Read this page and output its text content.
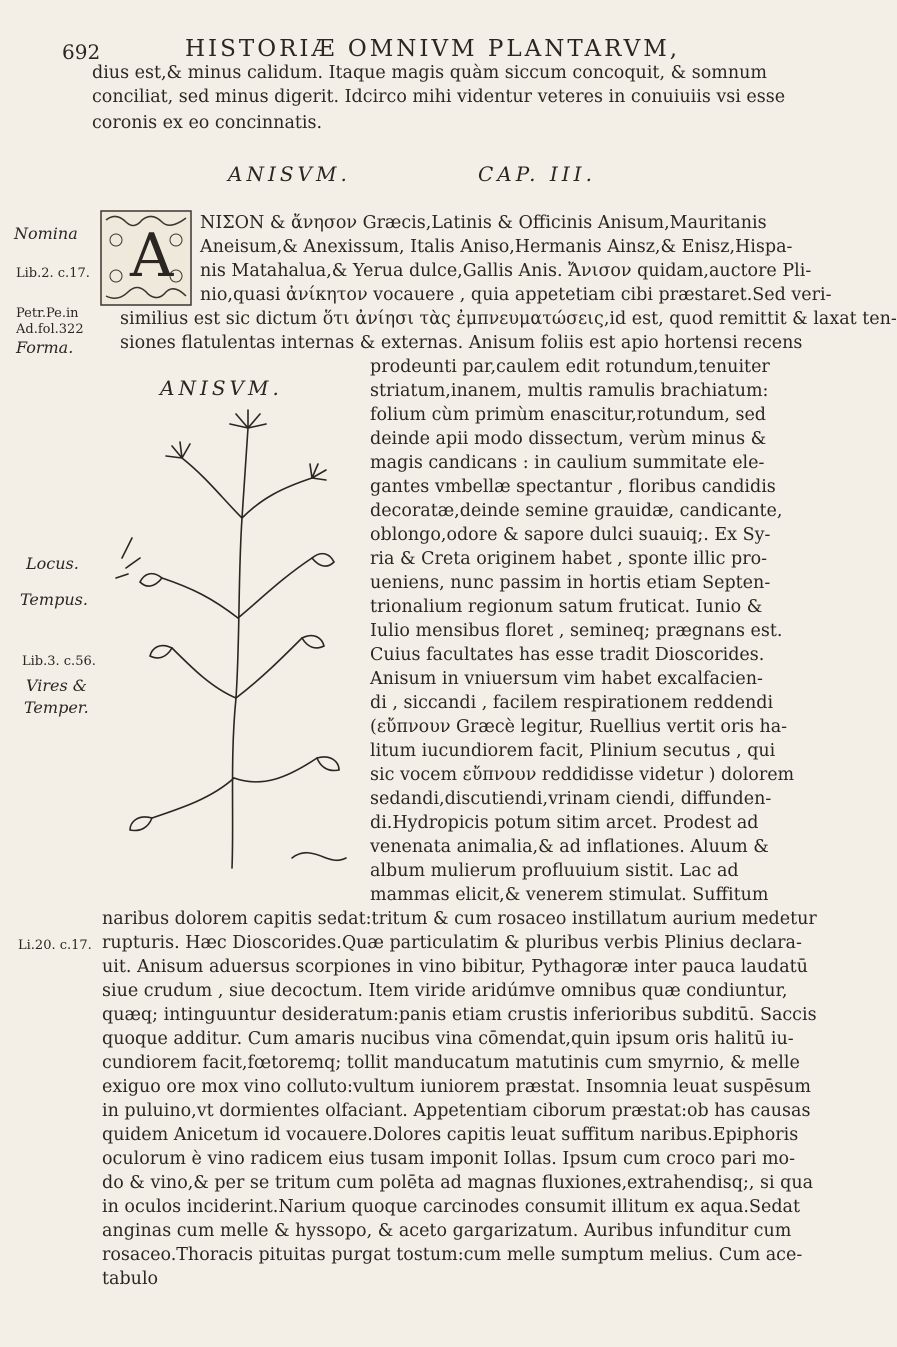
692	HISTORIÆ OMNIVM PLANTARVM,
dius est,& minus calidum. Itaque magis quàm siccum concoquit, & somnum
conciliat, sed minus digerit. Idcirco mihi videntur veteres in conuiuiis vsi esse
coronis ex eo concinnatis.
ANISVM.	CAP. III.
A NIΣΟΝ & ἄνησον Græcis,Latinis & Officinis Anisum,Mauritanis
Aneisum,& Anexissum, Italis Aniso,Hermanis Ainsz,& Enisz,Hispa-
nis Matahalua,& Yerua dulce,Gallis Anis. Ἄνισον quidam,auctore Pli-
nio,quasi ἀνίκητον vocauere , quia appetetiam cibi præstaret.Sed veri-
similius est sic dictum ὅτι ἀνίησι τὰς ἐμπνευματώσεις,id est, quod remittit & laxat ten-
siones flatulentas internas & externas. Anisum foliis est apio hortensi recens
prodeunti par,caulem edit rotundum,tenuiter
striatum,inanem, multis ramulis brachiatum:
folium cùm primùm enascitur,rotundum, sed
deinde apii modo dissectum, verùm minus &
magis candicans : in caulium summitate ele-
gantes vmbellæ spectantur , floribus candidis
decoratæ,deinde semine grauidæ, candicante,
oblongo,odore & sapore dulci suauiq;. Ex Sy-
ria & Creta originem habet , sponte illic pro-
ueniens, nunc passim in hortis etiam Septen-
trionalium regionum satum fruticat. Iunio &
Iulio mensibus floret , semineq; prægnans est.
Cuius facultates has esse tradit Dioscorides.
Anisum in vniuersum vim habet excalfacien-
di , siccandi , facilem respirationem reddendi
(εὔπνουν Græcè legitur, Ruellius vertit oris ha-
litum iucundiorem facit, Plinium secutus , qui
sic vocem εὔπνουν reddidisse videtur ) dolorem
sedandi,discutiendi,vrinam ciendi, diffunden-
di.Hydropicis potum sitim arcet. Prodest ad
venenata animalia,& ad inflationes. Aluum &
album mulierum profluuium sistit. Lac ad
mammas elicit,& venerem stimulat. Suffitum
naribus dolorem capitis sedat:tritum & cum rosaceo instillatum aurium medetur
rupturis. Hæc Dioscorides.Quæ particulatim & pluribus verbis Plinius declara-
uit. Anisum aduersus scorpiones in vino bibitur, Pythagoræ inter pauca laudatū
siue crudum , siue decoctum. Item viride aridúmve omnibus quæ condiuntur,
quæq; intinguuntur desideratum:panis etiam crustis inferioribus subditū. Saccis
quoque additur. Cum amaris nucibus vina cōmendat,quin ipsum oris halitū iu-
cundiorem facit,fœtoremq; tollit manducatum matutinis cum smyrnio, & melle
exiguo ore mox vino colluto:vultum iuniorem præstat. Insomnia leuat suspēsum
in puluino,vt dormientes olfaciant. Appetentiam ciborum præstat:ob has causas
quidem Anicetum id vocauere.Dolores capitis leuat suffitum naribus.Epiphoris
oculorum è vino radicem eius tusam imponit Iollas. Ipsum cum croco pari mo-
do & vino,& per se tritum cum polēta ad magnas fluxiones,extrahendisq;, si qua
in oculos inciderint.Narium quoque carcinodes consumit illitum ex aqua.Sedat
anginas cum melle & hyssopo, & aceto gargarizatum. Auribus infunditur cum
rosaceo.Thoracis pituitas purgat tostum:cum melle sumptum melius. Cum ace-
tabulo
ANISVM.
Nomina
Lib.2. c.17.
Petr.Pe.in
Ad.fol.322
Forma.
Locus.
Tempus.
Lib.3. c.56.
Vires &
Temper.
Li.20. c.17.
